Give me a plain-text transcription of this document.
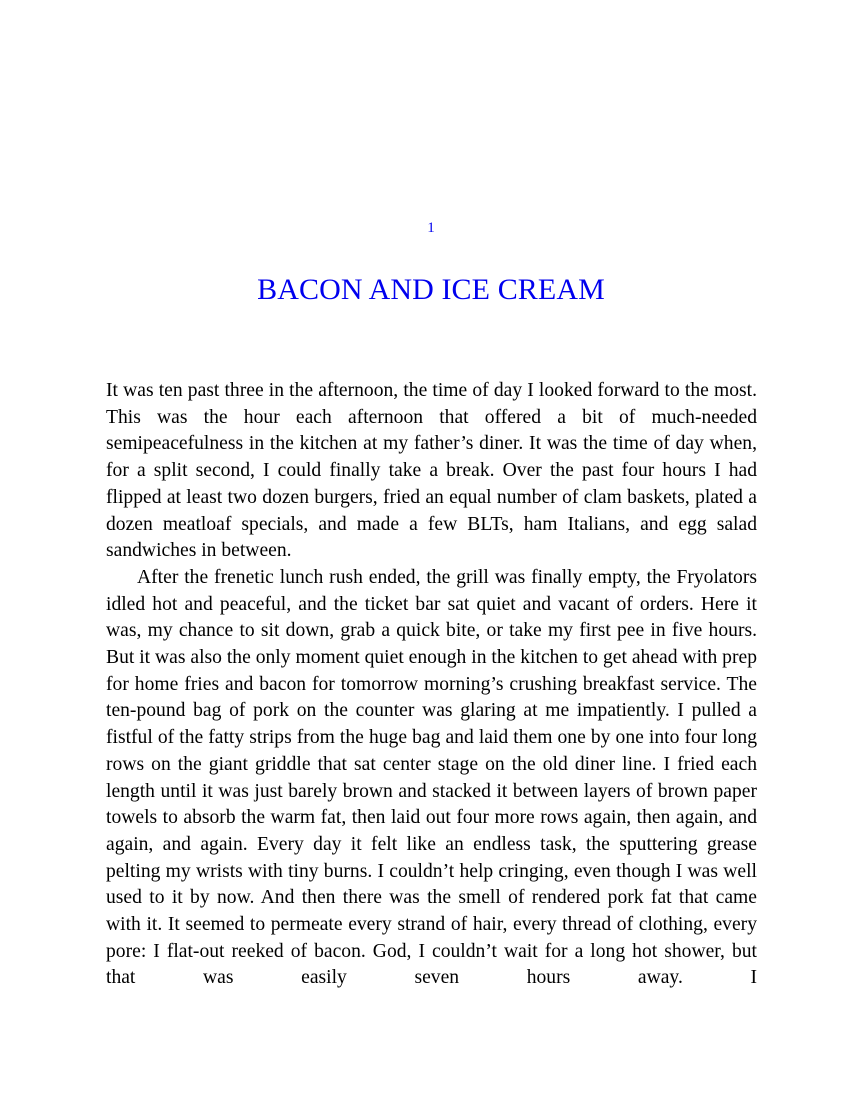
1
BACON AND ICE CREAM

It was ten past three in the afternoon, the time of day I looked forward to the most. This was the hour each afternoon that offered a bit of much-needed semipeacefulness in the kitchen at my father’s diner. It was the time of day when, for a split second, I could finally take a break. Over the past four hours I had flipped at least two dozen burgers, fried an equal number of clam baskets, plated a dozen meatloaf specials, and made a few BLTs, ham Italians, and egg salad sandwiches in between.

After the frenetic lunch rush ended, the grill was finally empty, the Fryolators idled hot and peaceful, and the ticket bar sat quiet and vacant of orders. Here it was, my chance to sit down, grab a quick bite, or take my first pee in five hours. But it was also the only moment quiet enough in the kitchen to get ahead with prep for home fries and bacon for tomorrow morning’s crushing breakfast service. The ten-pound bag of pork on the counter was glaring at me impatiently. I pulled a fistful of the fatty strips from the huge bag and laid them one by one into four long rows on the giant griddle that sat center stage on the old diner line. I fried each length until it was just barely brown and stacked it between layers of brown paper towels to absorb the warm fat, then laid out four more rows again, then again, and again, and again. Every day it felt like an endless task, the sputtering grease pelting my wrists with tiny burns. I couldn’t help cringing, even though I was well used to it by now. And then there was the smell of rendered pork fat that came with it. It seemed to permeate every strand of hair, every thread of clothing, every pore: I flat-out reeked of bacon. God, I couldn’t wait for a long hot shower, but that was easily seven hours away. I
